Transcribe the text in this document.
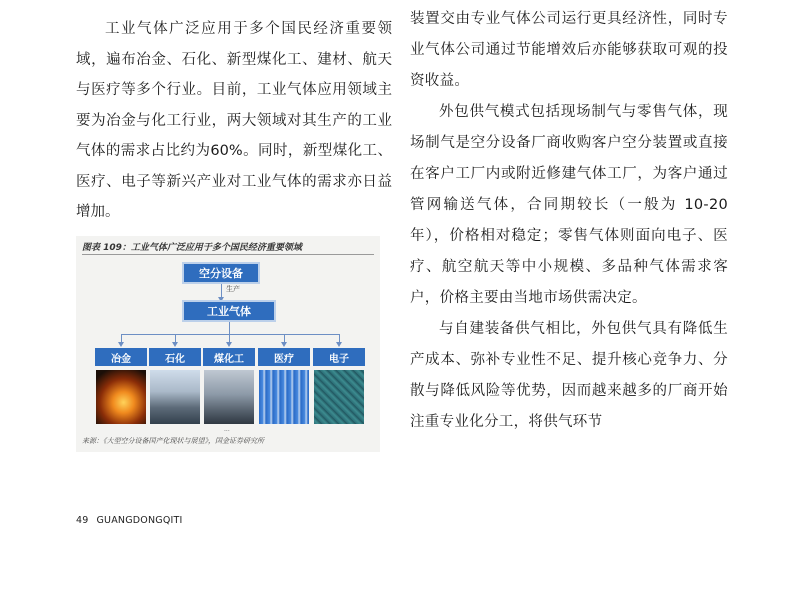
工业气体广泛应用于多个国民经济重要领域，遍布冶金、石化、新型煤化工、建材、航天与医疗等多个行业。目前，工业气体应用领域主要为冶金与化工行业，两大领域对其生产的工业气体的需求占比约为60%。同时，新型煤化工、医疗、电子等新兴产业对工业气体的需求亦日益增加。

图表 109：工业气体广泛应用于多个国民经济重要领域
空分设备
生产
工业气体
冶金	石化	煤化工	医疗	电子
...
来源：《大型空分设备国产化现状与展望》，国金证券研究所

装置交由专业气体公司运行更具经济性，同时专业气体公司通过节能增效后亦能够获取可观的投资收益。

外包供气模式包括现场制气与零售气体，现场制气是空分设备厂商收购客户空分装置或直接在客户工厂内或附近修建气体工厂，为客户通过管网输送气体，合同期较长（一般为 10-20 年），价格相对稳定；零售气体则面向电子、医疗、航空航天等中小规模、多品种气体需求客户，价格主要由当地市场供需决定。

与自建装备供气相比，外包供气具有降低生产成本、弥补专业性不足、提升核心竞争力、分散与降低风险等优势，因而越来越多的厂商开始注重专业化分工，将供气环节

49 GUANGDONGQITI
